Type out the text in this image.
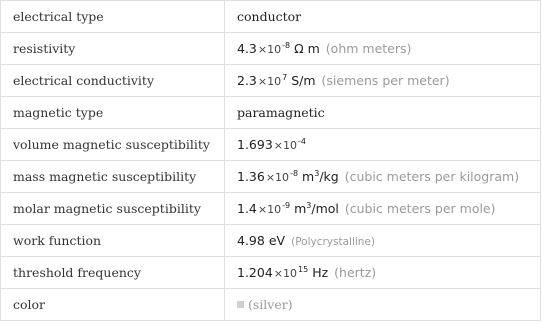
electrical type	conductor
resistivity	$4.3\times 10^{-8}$ Ω m (ohm meters)
electrical conductivity	$2.3\times 10^7$ S/m (siemens per meter)
magnetic type	paramagnetic
volume magnetic susceptibility	$1.693\times 10^{-4}$
mass magnetic susceptibility	$1.36\times 10^{-8}$ $m^3/kg$ (cubic meters per kilogram)
molar magnetic susceptibility	$1.4\times 10^{-9}$ $m^3$/mol (cubic meters per mole)
work function	4.98 eV (Polycrystalline)
threshold frequency	$1.204\times 10^{15}$ Hz (hertz)
color	(silver)
